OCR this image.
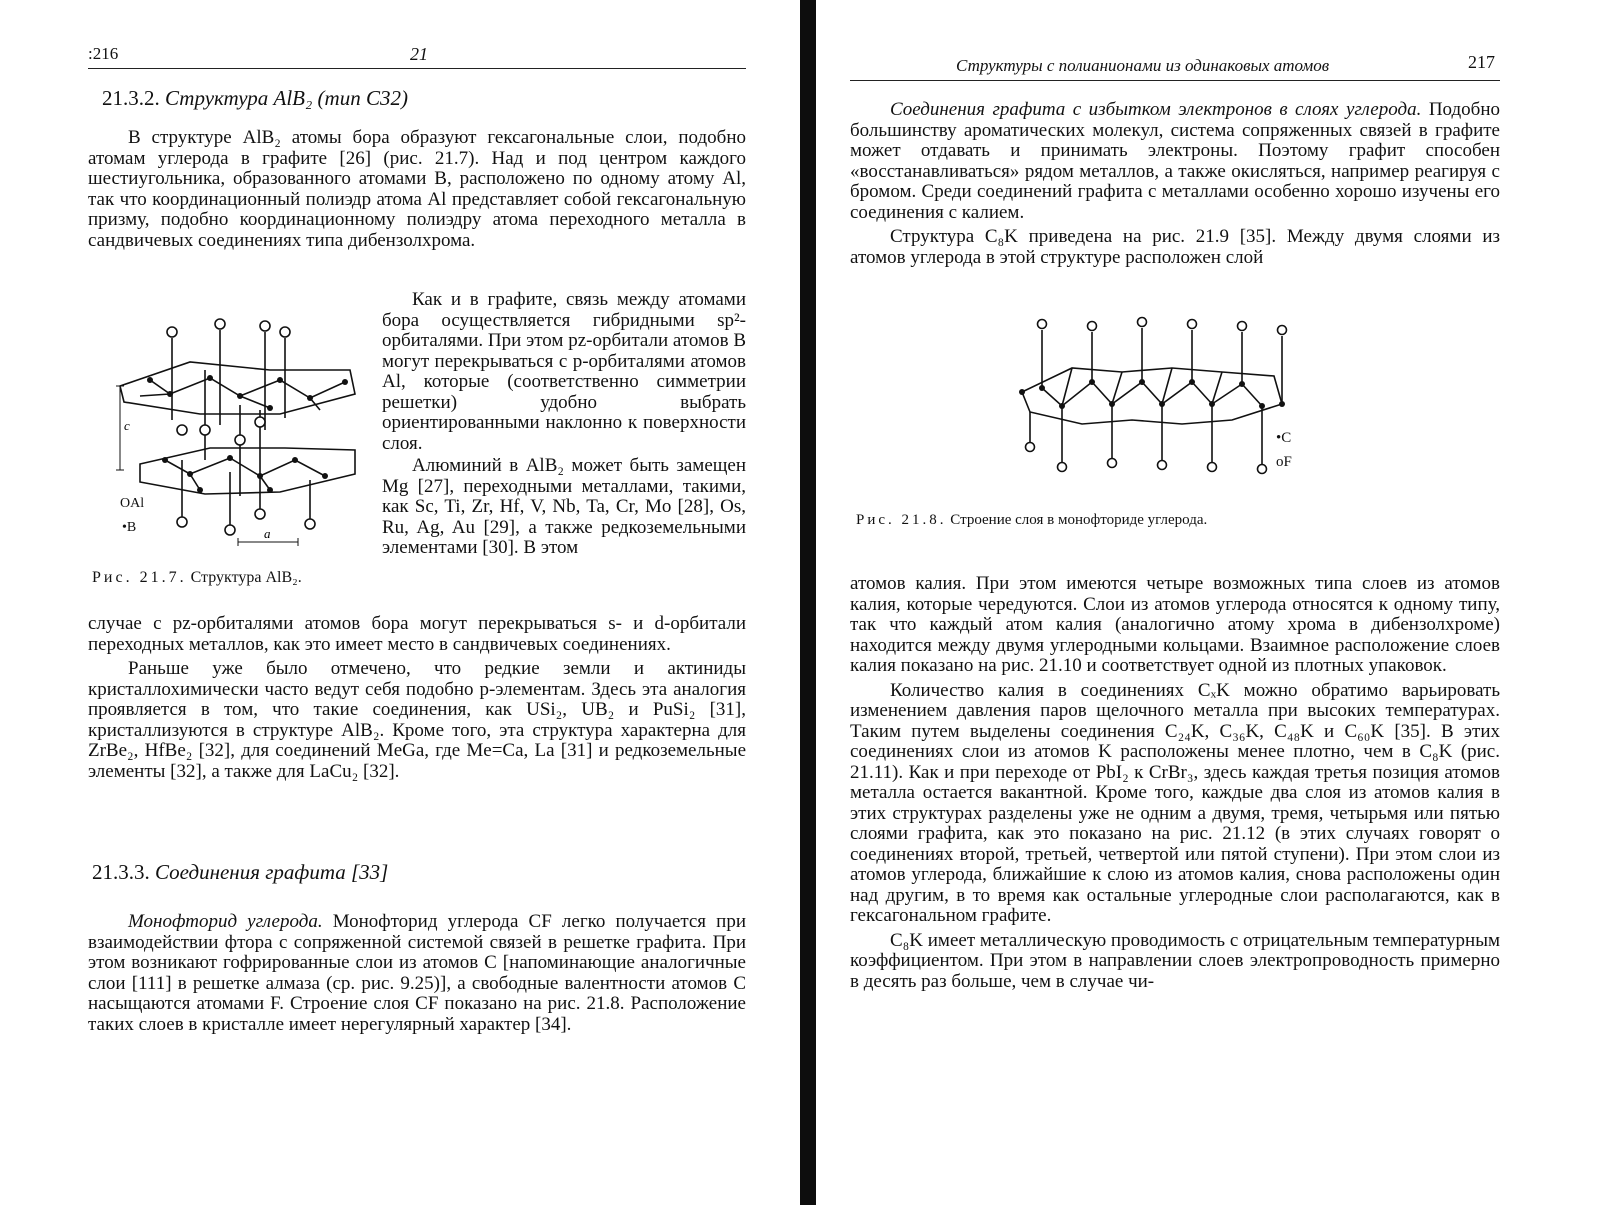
:216	21
21.3.2. Структура AlB₂ (тип C32)

В структуре AlB₂ атомы бора образуют гексагональные слои, подобно атомам углерода в графите [26] (рис. 21.7). Над и под центром каждого шестиугольника, образованного атомами B, расположено по одному атому Al, так что координационный полиэдр атома Al представляет собой гексагональную призму, подобно координационному полиэдру атома переходного металла в сандвичевых соединениях типа дибензолхрома.

c
a
OAl
•B

Как и в графите, связь между атомами бора осуществляется гибридными sp²-орбиталями. При этом pz-орбитали атомов B могут перекрываться с p-орбиталями атомов Al, которые (соответственно симметрии решетки) удобно выбрать ориентированными наклонно к поверхности слоя.

Алюминий в AlB₂ может быть замещен Mg [27], переходными металлами, такими, как Sc, Ti, Zr, Hf, V, Nb, Ta, Cr, Mo [28], Os, Ru, Ag, Au [29], а также редкоземельными элементами [30]. В этом

Рис. 21.7. Структура AlB₂.

случае с pz-орбиталями атомов бора могут перекрываться s- и d-орбитали переходных металлов, как это имеет место в сандвичевых соединениях.

Раньше уже было отмечено, что редкие земли и актиниды кристаллохимически часто ведут себя подобно p-элементам. Здесь эта аналогия проявляется в том, что такие соединения, как USi₂, UB₂ и PuSi₂ [31], кристаллизуются в структуре AlB₂. Кроме того, эта структура характерна для ZrBe₂, HfBe₂ [32], для соединений MeGa, где Me=Ca, La [31] и редкоземельные элементы [32], а также для LaCu₂ [32].

21.3.3. Соединения графита [33]

Монофторид углерода. Монофторид углерода CF легко получается при взаимодействии фтора с сопряженной системой связей в решетке графита. При этом возникают гофрированные слои из атомов C [напоминающие аналогичные слои [111] в решетке алмаза (ср. рис. 9.25)], а свободные валентности атомов C насыщаются атомами F. Строение слоя CF показано на рис. 21.8. Расположение таких слоев в кристалле имеет нерегулярный характер [34].

Структуры с полианионами из одинаковых атомов	217

Соединения графита с избытком электронов в слоях углерода. Подобно большинству ароматических молекул, система сопряженных связей в графите может отдавать и принимать электроны. Поэтому графит способен «восстанавливаться» рядом металлов, а также окисляться, например реагируя с бромом. Среди соединений графита с металлами особенно хорошо изучены его соединения с калием.

Структура C₈K приведена на рис. 21.9 [35]. Между двумя слоями из атомов углерода в этой структуре расположен слой

•C
oF
Рис. 21.8. Строение слоя в монофториде углерода.

атомов калия. При этом имеются четыре возможных типа слоев из атомов калия, которые чередуются. Слои из атомов углерода относятся к одному типу, так что каждый атом калия (аналогично атому хрома в дибензолхроме) находится между двумя углеродными кольцами. Взаимное расположение слоев калия показано на рис. 21.10 и соответствует одной из плотных упаковок.

Количество калия в соединениях CₓK можно обратимо варьировать изменением давления паров щелочного металла при высоких температурах. Таким путем выделены соединения C₂₄K, C₃₆K, C₄₈K и C₆₀K [35]. В этих соединениях слои из атомов K расположены менее плотно, чем в C₈K (рис. 21.11). Как и при переходе от PbI₂ к CrBr₃, здесь каждая третья позиция атомов металла остается вакантной. Кроме того, каждые два слоя из атомов калия в этих структурах разделены уже не одним а двумя, тремя, четырьмя или пятью слоями графита, как это показано на рис. 21.12 (в этих случаях говорят о соединениях второй, третьей, четвертой или пятой ступени). При этом слои из атомов углерода, ближайшие к слою из атомов калия, снова расположены один над другим, в то время как остальные углеродные слои располагаются, как в гексагональном графите.

C₈K имеет металлическую проводимость с отрицательным температурным коэффициентом. При этом в направлении слоев электропроводность примерно в десять раз больше, чем в случае чи-
